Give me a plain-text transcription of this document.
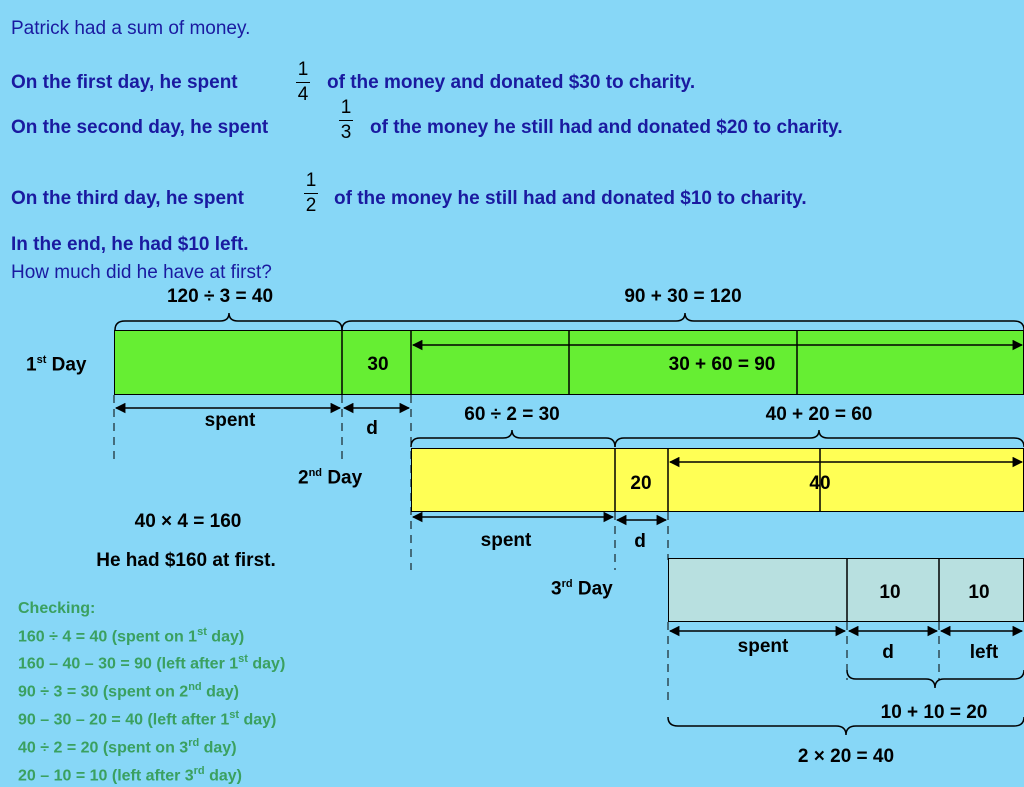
Patrick had a sum of money.
On the first day, he spent
1
4
of the money and donated $30 to charity.
On the second day, he spent
1
3 of the money he still had and donated $20 to charity.
On the third day, he spent
1
2 of the money he still had and donated $10 to charity.
In the end, he had $10 left.
How much did he have at first?
1st Day
2nd Day
3rd Day
120 ÷ 3 = 40	90 + 30 = 120
30	30 + 60 = 90
spent	d
60 ÷ 2 = 30	40 + 20 = 60
20	40
spent	d
10	10
spent	d	left
10 + 10 = 20
2 × 20 = 40
40 × 4 = 160
He had $160 at first.
Checking:
160 ÷ 4 = 40 (spent on 1st day)
160 – 40 – 30 = 90 (left after 1st day)
90 ÷ 3 = 30 (spent on 2nd day)
90 – 30 – 20 = 40 (left after 1st day)
40 ÷ 2 = 20 (spent on 3rd day)
20 – 10 = 10 (left after 3rd day)
